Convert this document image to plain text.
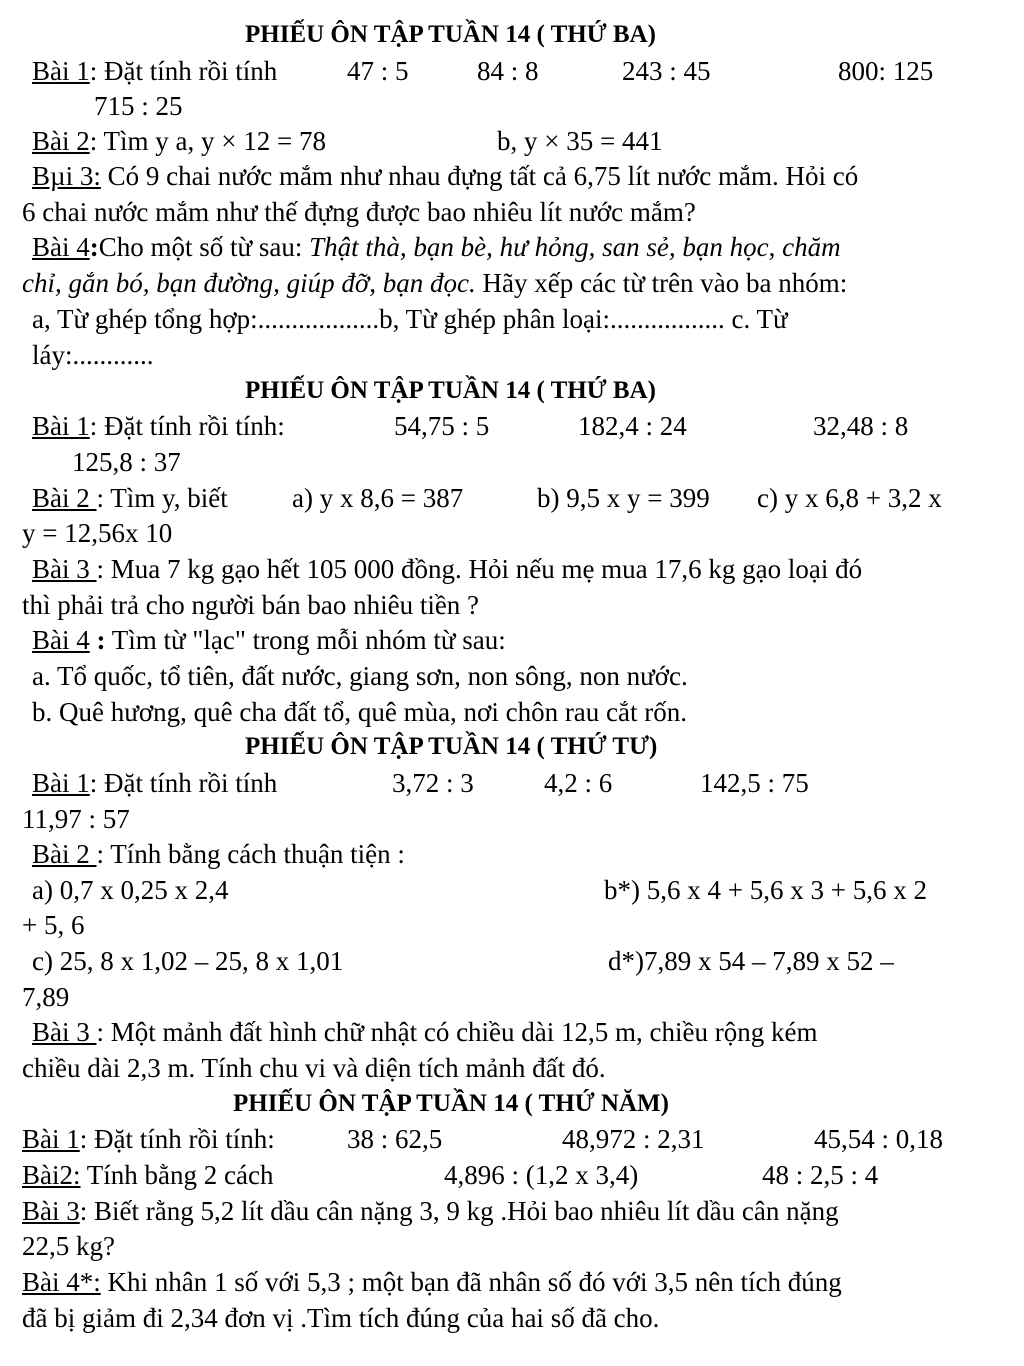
PHIẾU ÔN TẬP TUẦN 14 ( THỨ BA)
Bài 1: Đặt tính rồi tính	47 : 5	84 : 8	243 : 45	800: 125
715 : 25
Bài 2: Tìm y a, y × 12 = 78	b, y × 35 = 441
Bµi 3: Có 9 chai nước mắm như nhau đựng tất cả 6,75 lít nước mắm. Hỏi có
6 chai nước mắm như thế đựng được bao nhiêu lít nước mắm?
Bài 4:Cho một số từ sau: Thật thà, bạn bè, hư hỏng, san sẻ, bạn học, chăm
chỉ, gắn bó, bạn đường, giúp đỡ, bạn đọc. Hãy xếp các từ trên vào ba nhóm:
a, Từ ghép tổng hợp:..................b, Từ ghép phân loại:................. c. Từ
láy:............
PHIẾU ÔN TẬP TUẦN 14 ( THỨ BA)
Bài 1: Đặt tính rồi tính:	54,75 : 5	182,4 : 24	32,48 : 8
125,8 : 37
Bài 2 : Tìm y, biết a) y x 8,6 = 387	b) 9,5 x y = 399 c) y x 6,8 + 3,2 x
y = 12,56x 10
Bài 3 : Mua 7 kg gạo hết 105 000 đồng. Hỏi nếu mẹ mua 17,6 kg gạo loại đó
thì phải trả cho người bán bao nhiêu tiền ?
Bài 4 : Tìm từ "lạc" trong mỗi nhóm từ sau:
a. Tổ quốc, tổ tiên, đất nước, giang sơn, non sông, non nước.
b. Quê hương, quê cha đất tổ, quê mùa, nơi chôn rau cắt rốn.
PHIẾU ÔN TẬP TUẦN 14 ( THỨ TƯ)
Bài 1: Đặt tính rồi tính	3,72 : 3	4,2 : 6	142,5 : 75
11,97 : 57
Bài 2 : Tính bằng cách thuận tiện :
a) 0,7 x 0,25 x 2,4	b*) 5,6 x 4 + 5,6 x 3 + 5,6 x 2
+ 5, 6
c) 25, 8 x 1,02 – 25, 8 x 1,01	d*)7,89 x 54 – 7,89 x 52 –
7,89
Bài 3 : Một mảnh đất hình chữ nhật có chiều dài 12,5 m, chiều rộng kém
chiều dài 2,3 m. Tính chu vi và diện tích mảnh đất đó.
PHIẾU ÔN TẬP TUẦN 14 ( THỨ NĂM)
Bài 1: Đặt tính rồi tính:	38 : 62,5	48,972 : 2,31	45,54 : 0,18
Bài2: Tính bằng 2 cách	4,896 : (1,2 x 3,4)	48 : 2,5 : 4
Bài 3: Biết rằng 5,2 lít dầu cân nặng 3, 9 kg .Hỏi bao nhiêu lít dầu cân nặng
22,5 kg?
Bài 4*: Khi nhân 1 số với 5,3 ; một bạn đã nhân số đó với 3,5 nên tích đúng
đã bị giảm đi 2,34 đơn vị .Tìm tích đúng của hai số đã cho.
